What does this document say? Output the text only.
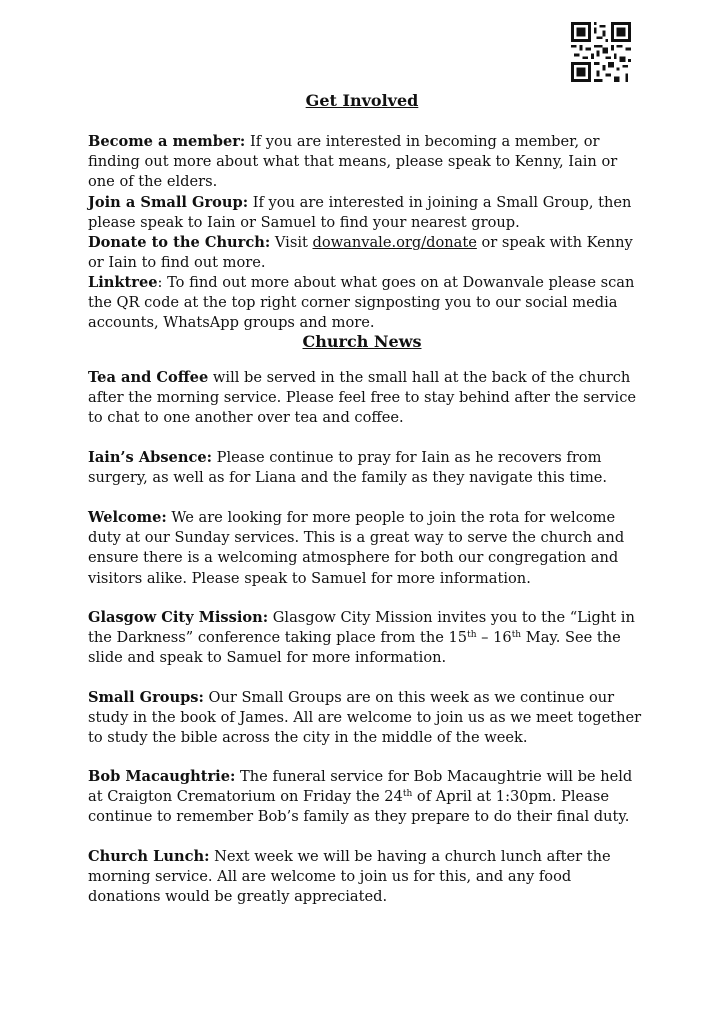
Get Involved

Become a member: If you are interested in becoming a member, or finding out more about what that means, please speak to Kenny, Iain or one of the elders.

Join a Small Group: If you are interested in joining a Small Group, then please speak to Iain or Samuel to find your nearest group.

Donate to the Church: Visit dowanvale.org/donate or speak with Kenny or Iain to find out more.

Linktree: To find out more about what goes on at Dowanvale please scan the QR code at the top right corner signposting you to our social media accounts, WhatsApp groups and more.

Church News

Tea and Coffee will be served in the small hall at the back of the church after the morning service. Please feel free to stay behind after the service to chat to one another over tea and coffee.

Iain’s Absence: Please continue to pray for Iain as he recovers from surgery, as well as for Liana and the family as they navigate this time.

Welcome: We are looking for more people to join the rota for welcome duty at our Sunday services. This is a great way to serve the church and ensure there is a welcoming atmosphere for both our congregation and visitors alike. Please speak to Samuel for more information.

Glasgow City Mission: Glasgow City Mission invites you to the “Light in the Darkness” conference taking place from the 15th – 16th May. See the slide and speak to Samuel for more information.

Small Groups: Our Small Groups are on this week as we continue our study in the book of James. All are welcome to join us as we meet together to study the bible across the city in the middle of the week.

Bob Macaughtrie: The funeral service for Bob Macaughtrie will be held at Craigton Crematorium on Friday the 24th of April at 1:30pm. Please continue to remember Bob’s family as they prepare to do their final duty.

Church Lunch: Next week we will be having a church lunch after the morning service. All are welcome to join us for this, and any food donations would be greatly appreciated.
